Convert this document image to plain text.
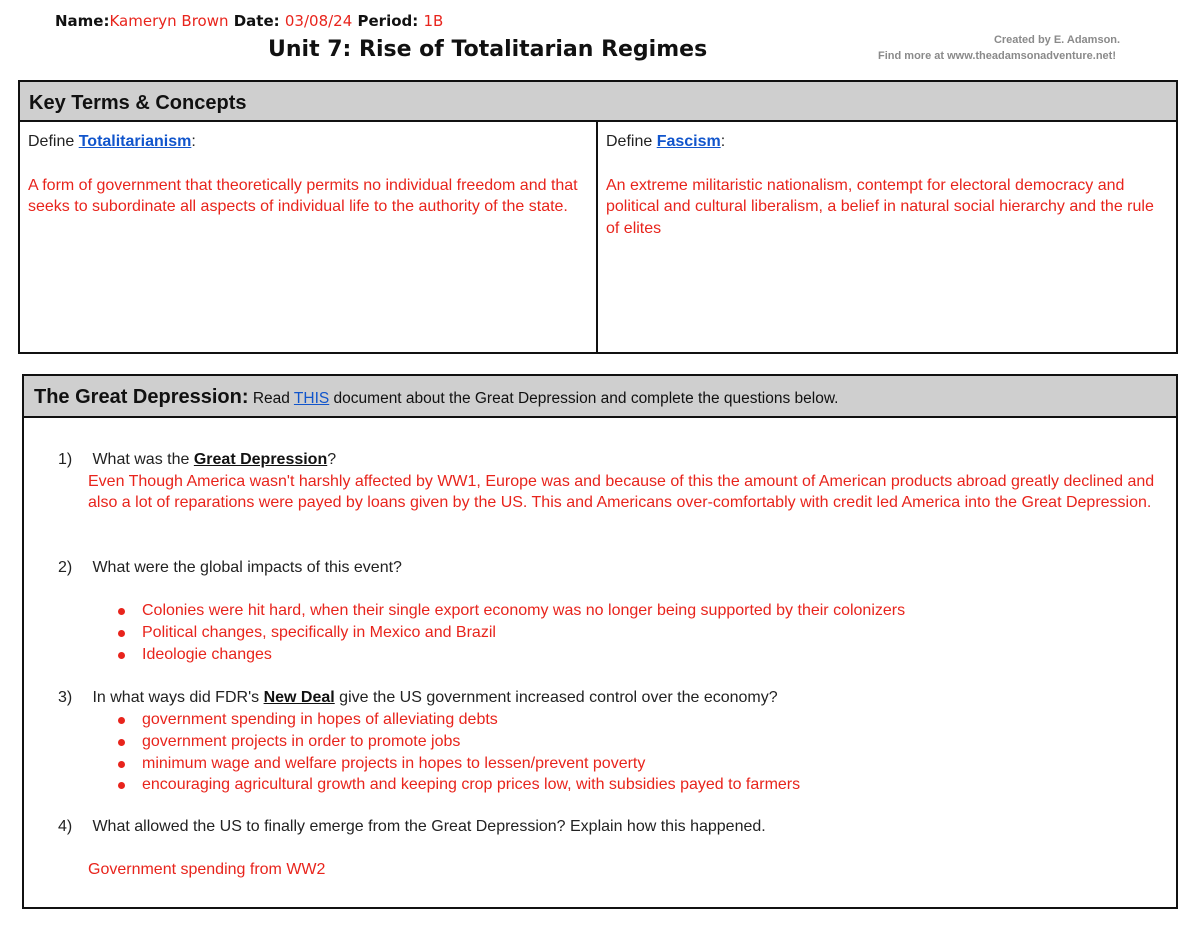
Name:Kameryn Brown Date: 03/08/24 Period: 1B
Unit 7: Rise of Totalitarian Regimes	Created by E. Adamson.
Find more at www.theadamsonadventure.net!
Key Terms & Concepts
Define Totalitarianism:
A form of government that theoretically permits no individual freedom and that seeks to subordinate all aspects of individual life to the authority of the state.
Define Fascism:
An extreme militaristic nationalism, contempt for electoral democracy and political and cultural liberalism, a belief in natural social hierarchy and the rule of elites
The Great Depression: Read THIS document about the Great Depression and complete the questions below.
1) What was the Great Depression?
Even Though America wasn't harshly affected by WW1, Europe was and because of this the amount of American products abroad greatly declined and also a lot of reparations were payed by loans given by the US. This and Americans over-comfortably with credit led America into the Great Depression.
2) What were the global impacts of this event?
Colonies were hit hard, when their single export economy was no longer being supported by their colonizers
Political changes, specifically in Mexico and Brazil
Ideologie changes
3) In what ways did FDR's New Deal give the US government increased control over the economy?
government spending in hopes of alleviating debts
government projects in order to promote jobs
minimum wage and welfare projects in hopes to lessen/prevent poverty
encouraging agricultural growth and keeping crop prices low, with subsidies payed to farmers
4) What allowed the US to finally emerge from the Great Depression? Explain how this happened.
Government spending from WW2
